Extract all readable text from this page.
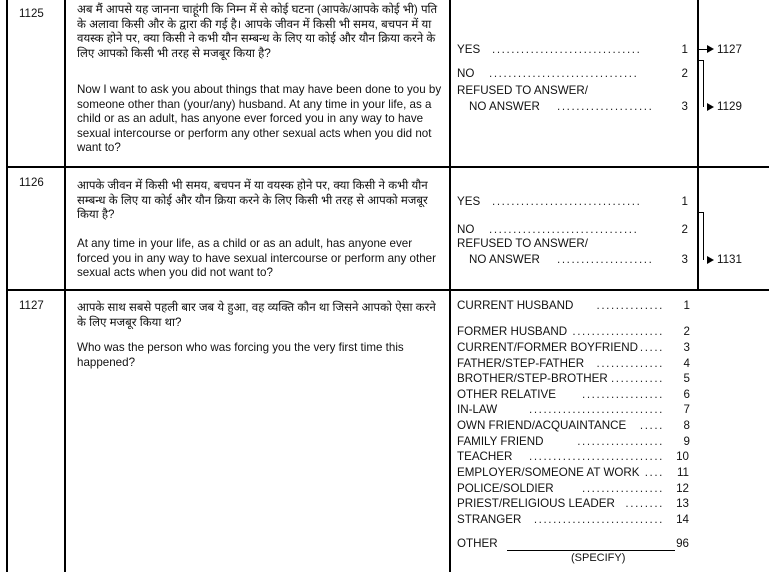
1125	अब मैं आपसे यह जानना चाहूंगी कि निम्न में से कोई घटना (आपके/आपके कोई भी) पति के अलावा किसी और के द्वारा की गई है। आपके जीवन में किसी भी समय, बचपन में या वयस्क होने पर, क्या किसी ने कभी यौन सम्बन्ध के लिए या कोई और यौन क्रिया करने के लिए आपको किसी भी तरह से मजबूर किया है?
Now I want to ask you about things that may have been done to you by someone other than (your/any) husband. At any time in your life, as a child or as an adult, has anyone ever forced you in any way to have sexual intercourse or perform any other sexual acts when you did not want to?
YES ...............................	1	1127
NO ...............................	2
REFUSED TO ANSWER/
NO ANSWER ....................	3	1129
1126	आपके जीवन में किसी भी समय, बचपन में या वयस्क होने पर, क्या किसी ने कभी यौन सम्बन्ध के लिए या कोई और यौन क्रिया करने के लिए किसी भी तरह से आपको मजबूर किया है?
At any time in your life, as a child or as an adult, has anyone ever forced you in any way to have sexual intercourse or perform any other sexual acts when you did not want to?
YES ...............................	1
NO ...............................	2
REFUSED TO ANSWER/
NO ANSWER ....................	3	1131
1127	आपके साथ सबसे पहली बार जब ये हुआ, वह व्यक्ति कौन था जिसने आपको ऐसा करने के लिए मजबूर किया था?
Who was the person who was forcing you the very first time this happened?
CURRENT HUSBAND	..............	1
FORMER HUSBAND ...................	2
CURRENT/FORMER BOYFRIEND .....	3
FATHER/STEP-FATHER	..............	4
BROTHER/STEP-BROTHER ...........	5
OTHER RELATIVE	.................	6
IN-LAW	............................	7
OWN FRIEND/ACQUAINTANCE	.....	8
FAMILY FRIEND	..................	9
TEACHER	............................ 10
EMPLOYER/SOMEONE AT WORK .... 11
POLICE/SOLDIER	................. 12
PRIEST/RELIGIOUS LEADER ........ 13
STRANGER	........................... 14
OTHER	96
(SPECIFY)
